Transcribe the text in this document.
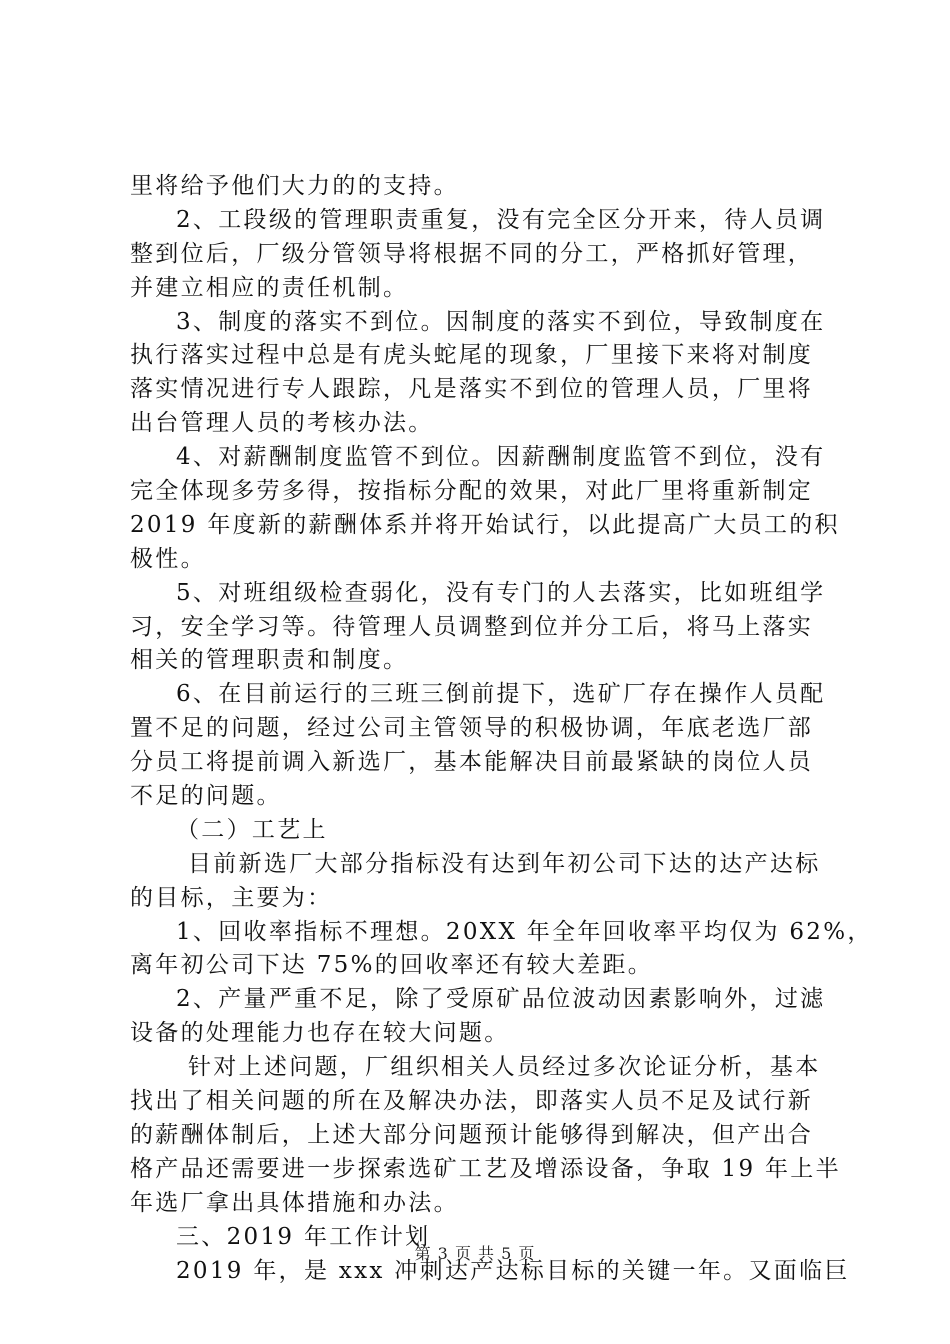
里将给予他们大力的的支持。
2、工段级的管理职责重复，没有完全区分开来，待人员调
整到位后，厂级分管领导将根据不同的分工，严格抓好管理，
并建立相应的责任机制。
3、制度的落实不到位。因制度的落实不到位，导致制度在
执行落实过程中总是有虎头蛇尾的现象，厂里接下来将对制度
落实情况进行专人跟踪，凡是落实不到位的管理人员，厂里将
出台管理人员的考核办法。
4、对薪酬制度监管不到位。因薪酬制度监管不到位，没有
完全体现多劳多得，按指标分配的效果，对此厂里将重新制定
2019 年度新的薪酬体系并将开始试行，以此提高广大员工的积
极性。
5、对班组级检查弱化，没有专门的人去落实，比如班组学
习，安全学习等。待管理人员调整到位并分工后，将马上落实
相关的管理职责和制度。
6、在目前运行的三班三倒前提下，选矿厂存在操作人员配
置不足的问题，经过公司主管领导的积极协调，年底老选厂部
分员工将提前调入新选厂，基本能解决目前最紧缺的岗位人员
不足的问题。
（二）工艺上
目前新选厂大部分指标没有达到年初公司下达的达产达标
的目标，主要为：
1、回收率指标不理想。20XX 年全年回收率平均仅为 62%，
离年初公司下达 75%的回收率还有较大差距。
2、产量严重不足，除了受原矿品位波动因素影响外，过滤
设备的处理能力也存在较大问题。
针对上述问题，厂组织相关人员经过多次论证分析，基本
找出了相关问题的所在及解决办法，即落实人员不足及试行新
的薪酬体制后，上述大部分问题预计能够得到解决，但产出合
格产品还需要进一步探索选矿工艺及增添设备，争取 19 年上半
年选厂拿出具体措施和办法。
三、2019 年工作计划
2019 年，是 xxx 冲刺达产达标目标的关键一年。又面临巨
第 3 页 共 5 页
